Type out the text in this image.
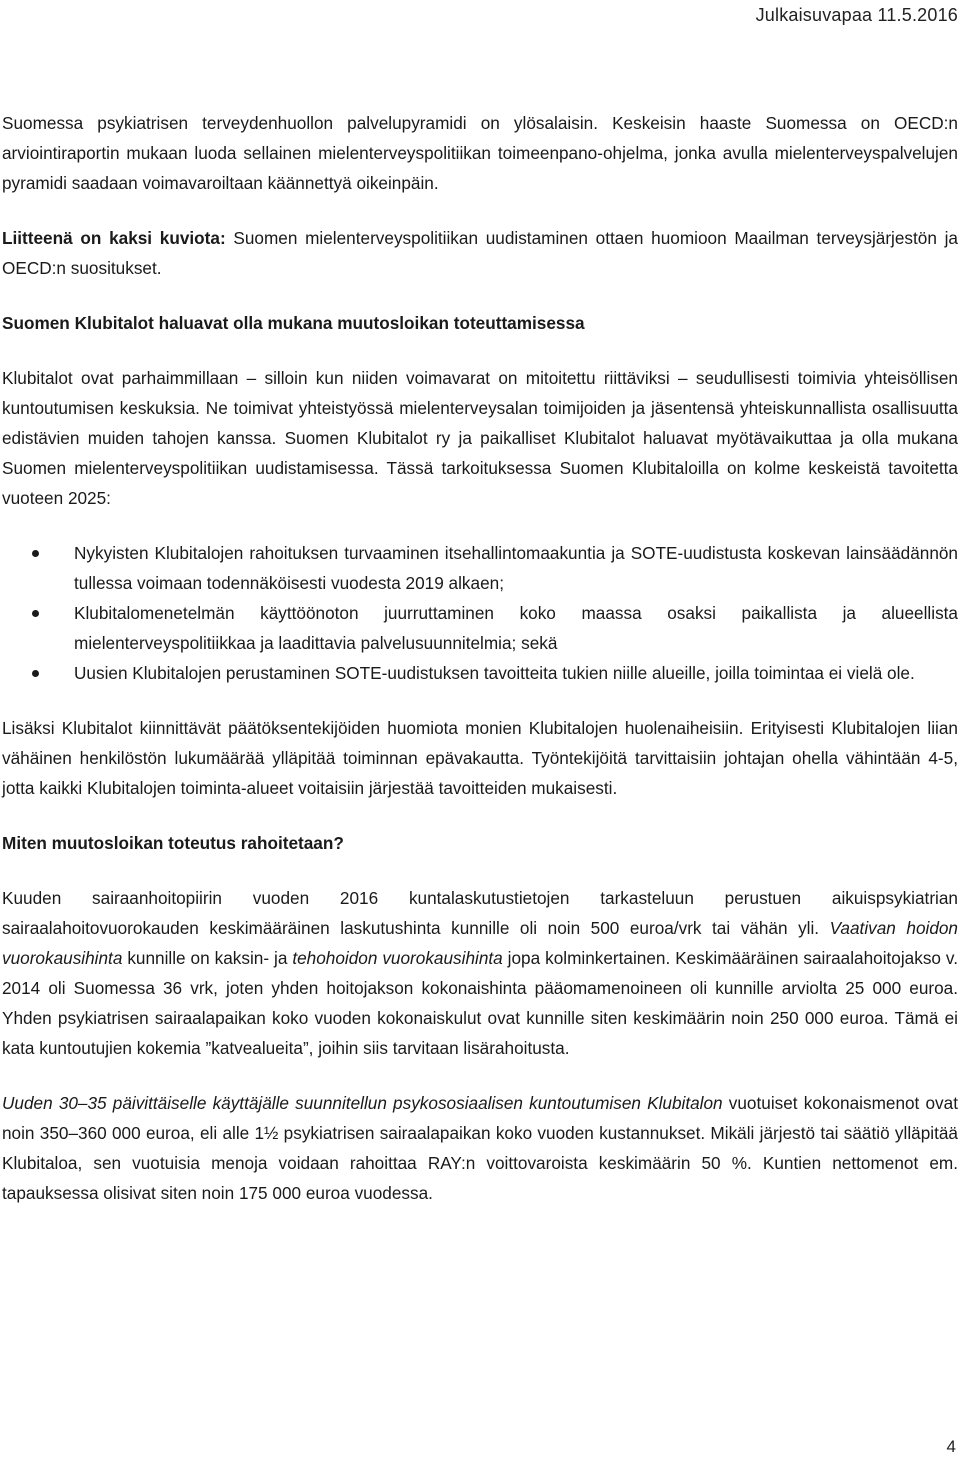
Julkaisuvapaa 11.5.2016

Suomessa psykiatrisen terveydenhuollon palvelupyramidi on ylösalaisin. Keskeisin haaste Suomessa on OECD:n arviointiraportin mukaan luoda sellainen mielenterveyspolitiikan toimeenpano-ohjelma, jonka avulla mielenterveyspalvelujen pyramidi saadaan voimavaroiltaan käännettyä oikeinpäin.

Liitteenä on kaksi kuviota: Suomen mielenterveyspolitiikan uudistaminen ottaen huomioon Maailman terveysjärjestön ja OECD:n suositukset.

Suomen Klubitalot haluavat olla mukana muutosloikan toteuttamisessa

Klubitalot ovat parhaimmillaan – silloin kun niiden voimavarat on mitoitettu riittäviksi – seudullisesti toimivia yhteisöllisen kuntoutumisen keskuksia. Ne toimivat yhteistyössä mielenterveysalan toimijoiden ja jäsentensä yhteiskunnallista osallisuutta edistävien muiden tahojen kanssa. Suomen Klubitalot ry ja paikalliset Klubitalot haluavat myötävaikuttaa ja olla mukana Suomen mielenterveyspolitiikan uudistamisessa. Tässä tarkoituksessa Suomen Klubitaloilla on kolme keskeistä tavoitetta vuoteen 2025:

Nykyisten Klubitalojen rahoituksen turvaaminen itsehallintomaakuntia ja SOTE-uudistusta koskevan lainsäädännön tullessa voimaan todennäköisesti vuodesta 2019 alkaen;
Klubitalomenetelmän käyttöönoton juurruttaminen koko maassa osaksi paikallista ja alueellista mielenterveyspolitiikkaa ja laadittavia palvelusuunnitelmia; sekä
Uusien Klubitalojen perustaminen SOTE-uudistuksen tavoitteita tukien niille alueille, joilla toimintaa ei vielä ole.

Lisäksi Klubitalot kiinnittävät päätöksentekijöiden huomiota monien Klubitalojen huolenaiheisiin. Erityisesti Klubitalojen liian vähäinen henkilöstön lukumäärää ylläpitää toiminnan epävakautta. Työntekijöitä tarvittaisiin johtajan ohella vähintään 4-5, jotta kaikki Klubitalojen toiminta-alueet voitaisiin järjestää tavoitteiden mukaisesti.

Miten muutosloikan toteutus rahoitetaan?

Kuuden sairaanhoitopiirin vuoden 2016 kuntalaskutustietojen tarkasteluun perustuen aikuispsykiatrian sairaalahoitovuorokauden keskimääräinen laskutushinta kunnille oli noin 500 euroa/vrk tai vähän yli. Vaativan hoidon vuorokausihinta kunnille on kaksin- ja tehohoidon vuorokausihinta jopa kolminkertainen. Keskimääräinen sairaalahoitojakso v. 2014 oli Suomessa 36 vrk, joten yhden hoitojakson kokonaishinta pääomamenoineen oli kunnille arviolta 25 000 euroa. Yhden psykiatrisen sairaalapaikan koko vuoden kokonaiskulut ovat kunnille siten keskimäärin noin 250 000 euroa. Tämä ei kata kuntoutujien kokemia ”katvealueita”, joihin siis tarvitaan lisärahoitusta.

Uuden 30–35 päivittäiselle käyttäjälle suunnitellun psykososiaalisen kuntoutumisen Klubitalon vuotuiset kokonaismenot ovat noin 350–360 000 euroa, eli alle 1½ psykiatrisen sairaalapaikan koko vuoden kustannukset. Mikäli järjestö tai säätiö ylläpitää Klubitaloa, sen vuotuisia menoja voidaan rahoittaa RAY:n voittovaroista keskimäärin 50 %. Kuntien nettomenot em. tapauksessa olisivat siten noin 175 000 euroa vuodessa.

4
